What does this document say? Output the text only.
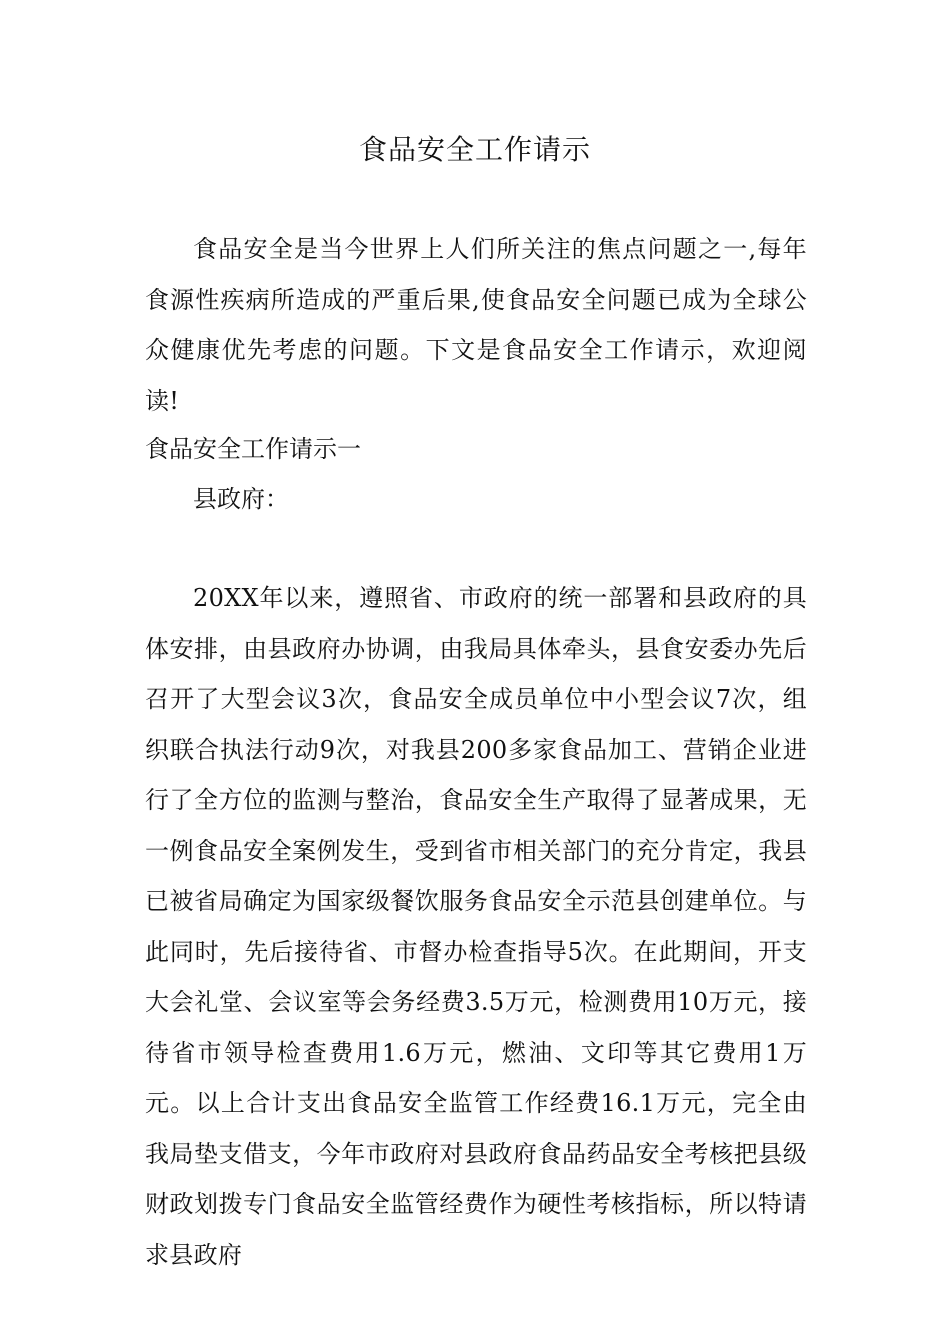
食品安全工作请示

食品安全是当今世界上人们所关注的焦点问题之一,每年食源性疾病所造成的严重后果,使食品安全问题已成为全球公众健康优先考虑的问题。下文是食品安全工作请示，欢迎阅读!

食品安全工作请示一

县政府：

20XX年以来，遵照省、市政府的统一部署和县政府的具体安排，由县政府办协调，由我局具体牵头，县食安委办先后召开了大型会议3次，食品安全成员单位中小型会议7次，组织联合执法行动9次，对我县200多家食品加工、营销企业进行了全方位的监测与整治，食品安全生产取得了显著成果，无一例食品安全案例发生，受到省市相关部门的充分肯定，我县已被省局确定为国家级餐饮服务食品安全示范县创建单位。与此同时，先后接待省、市督办检查指导5次。在此期间，开支大会礼堂、会议室等会务经费3.5万元，检测费用10万元，接待省市领导检查费用1.6万元，燃油、文印等其它费用1万元。以上合计支出食品安全监管工作经费16.1万元，完全由我局垫支借支，今年市政府对县政府食品药品安全考核把县级财政划拨专门食品安全监管经费作为硬性考核指标，所以特请求县政府
